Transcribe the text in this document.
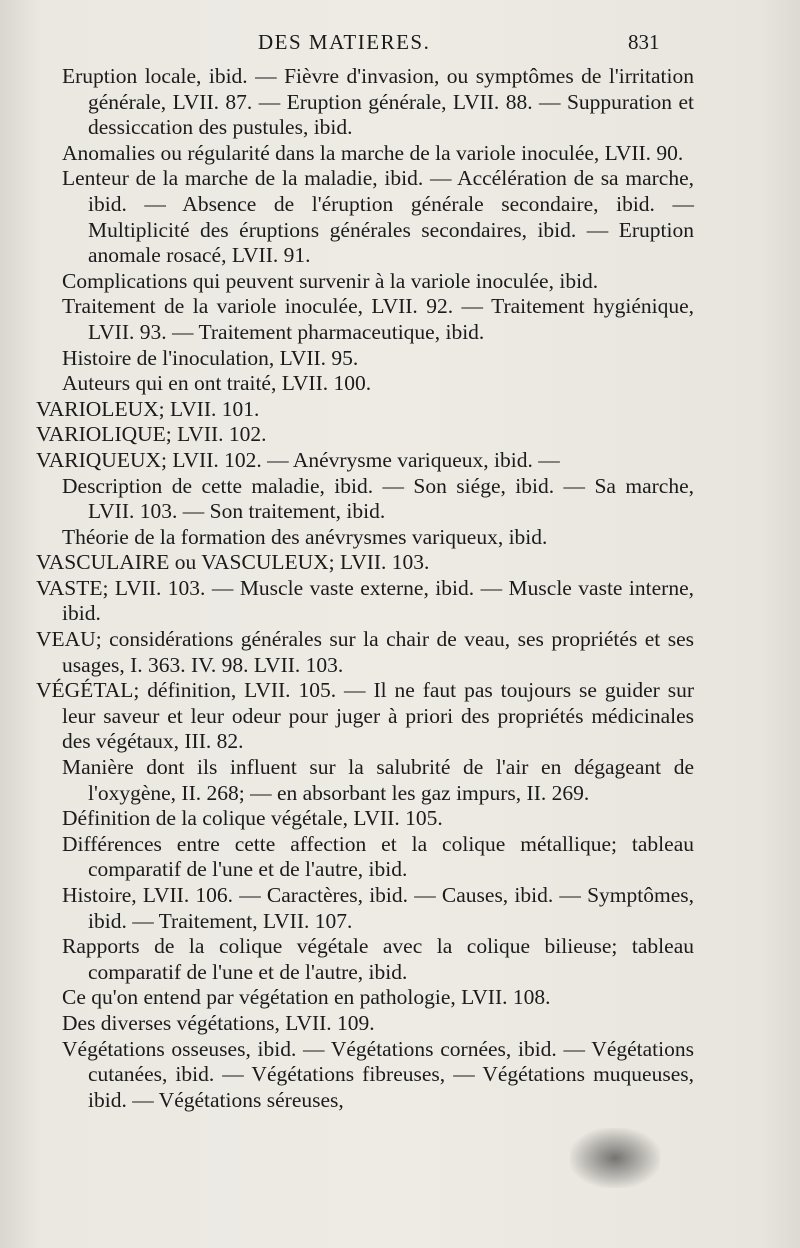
DES MATIERES.	831
Eruption locale, ibid. — Fièvre d'invasion, ou symptômes de l'irritation générale, LVII. 87. — Eruption générale, LVII. 88. — Suppuration et dessiccation des pustules, ibid.
Anomalies ou régularité dans la marche de la variole inoculée, LVII. 90.
Lenteur de la marche de la maladie, ibid. — Accélération de sa marche, ibid. — Absence de l'éruption générale secondaire, ibid. — Multiplicité des éruptions générales secondaires, ibid. — Eruption anomale rosacé, LVII. 91.
Complications qui peuvent survenir à la variole inoculée, ibid.
Traitement de la variole inoculée, LVII. 92. — Traitement hygiénique, LVII. 93. — Traitement pharmaceutique, ibid.
Histoire de l'inoculation, LVII. 95.
Auteurs qui en ont traité, LVII. 100.
VARIOLEUX; LVII. 101.
VARIOLIQUE; LVII. 102.
VARIQUEUX; LVII. 102. — Anévrysme variqueux, ibid. —
Description de cette maladie, ibid. — Son siége, ibid. — Sa marche, LVII. 103. — Son traitement, ibid.
Théorie de la formation des anévrysmes variqueux, ibid.
VASCULAIRE ou VASCULEUX; LVII. 103.
VASTE; LVII. 103. — Muscle vaste externe, ibid. — Muscle vaste interne, ibid.
VEAU; considérations générales sur la chair de veau, ses propriétés et ses usages, I. 363. IV. 98. LVII. 103.
VÉGÉTAL; définition, LVII. 105. — Il ne faut pas toujours se guider sur leur saveur et leur odeur pour juger à priori des propriétés médicinales des végétaux, III. 82.
Manière dont ils influent sur la salubrité de l'air en dégageant de l'oxygène, II. 268; — en absorbant les gaz impurs, II. 269.
Définition de la colique végétale, LVII. 105.
Différences entre cette affection et la colique métallique; tableau comparatif de l'une et de l'autre, ibid.
Histoire, LVII. 106. — Caractères, ibid. — Causes, ibid. — Symptômes, ibid. — Traitement, LVII. 107.
Rapports de la colique végétale avec la colique bilieuse; tableau comparatif de l'une et de l'autre, ibid.
Ce qu'on entend par végétation en pathologie, LVII. 108.
Des diverses végétations, LVII. 109.
Végétations osseuses, ibid. — Végétations cornées, ibid. — Végétations cutanées, ibid. — Végétations fibreuses, — Végétations muqueuses, ibid. — Végétations séreuses,
